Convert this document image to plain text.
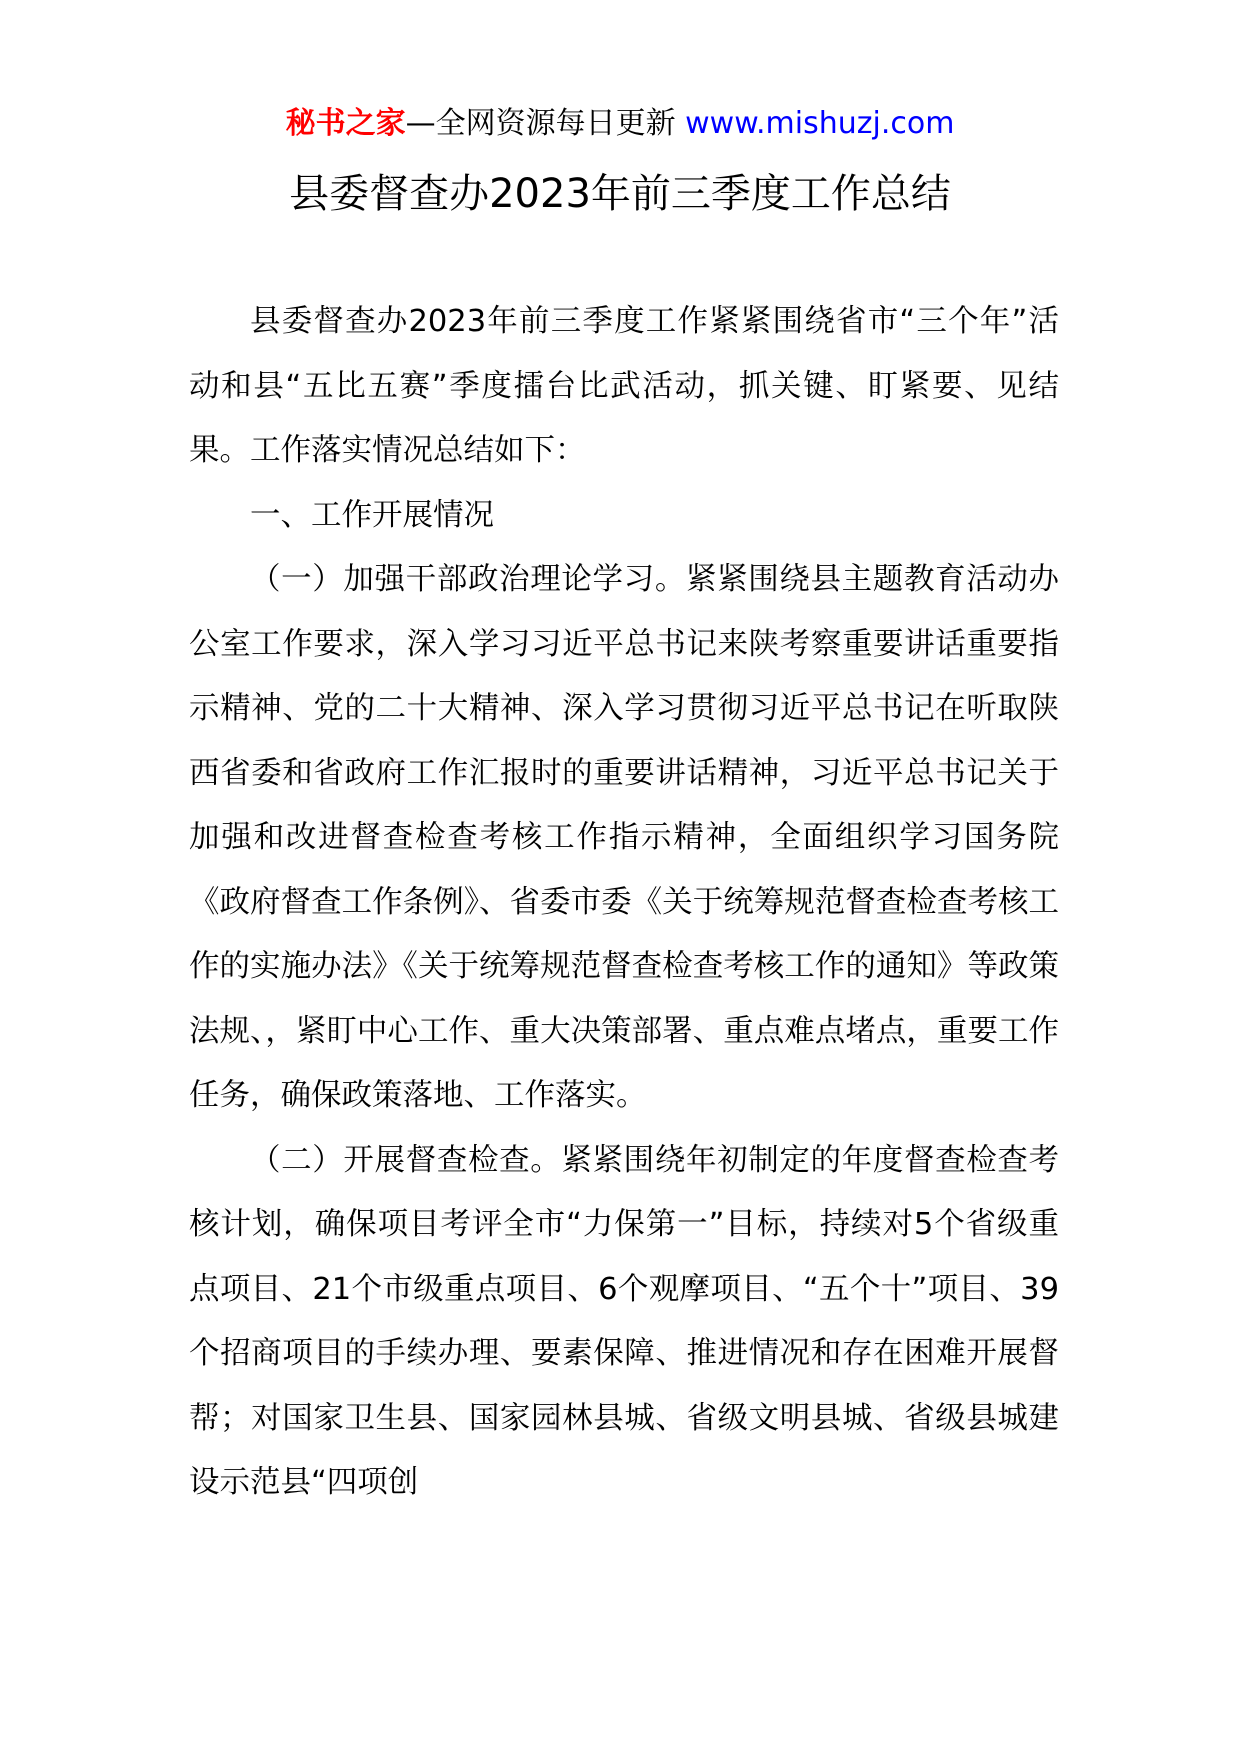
秘书之家—全网资源每日更新 www.mishuzj.com
县委督查办2023年前三季度工作总结

县委督查办2023年前三季度工作紧紧围绕省市“三个年”活动和县“五比五赛”季度擂台比武活动，抓关键、盯紧要、见结果。工作落实情况总结如下：

一、工作开展情况

（一）加强干部政治理论学习。紧紧围绕县主题教育活动办公室工作要求，深入学习习近平总书记来陕考察重要讲话重要指示精神、党的二十大精神、深入学习贯彻习近平总书记在听取陕西省委和省政府工作汇报时的重要讲话精神，习近平总书记关于加强和改进督查检查考核工作指示精神，全面组织学习国务院《政府督查工作条例》、省委市委《关于统筹规范督查检查考核工作的实施办法》《关于统筹规范督查检查考核工作的通知》等政策法规、，紧盯中心工作、重大决策部署、重点难点堵点，重要工作任务，确保政策落地、工作落实。

（二）开展督查检查。紧紧围绕年初制定的年度督查检查考核计划，确保项目考评全市“力保第一”目标，持续对5个省级重点项目、21个市级重点项目、6个观摩项目、“五个十”项目、39个招商项目的手续办理、要素保障、推进情况和存在困难开展督帮；对国家卫生县、国家园林县城、省级文明县城、省级县城建设示范县“四项创
